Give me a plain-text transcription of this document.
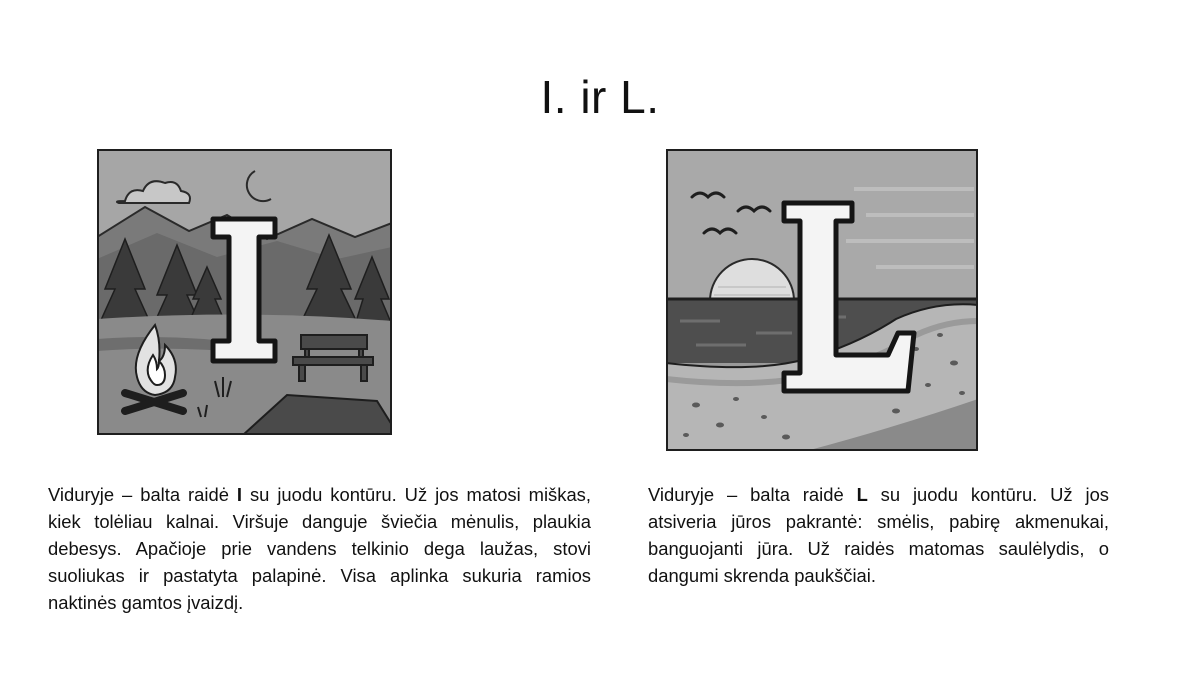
I. ir L.

Viduryje – balta raidė I su juodu kontūru. Už jos matosi miškas, kiek tolėliau kalnai. Viršuje danguje šviečia mėnulis, plaukia debesys. Apačioje prie vandens telkinio dega laužas, stovi suoliukas ir pastatyta palapinė. Visa aplinka sukuria ramios naktinės gamtos įvaizdį.

Viduryje – balta raidė L su juodu kontūru. Už jos atsiveria jūros pakrantė: smėlis, pabirę akmenukai, banguojanti jūra. Už raidės matomas saulėlydis, o dangumi skrenda paukščiai.
